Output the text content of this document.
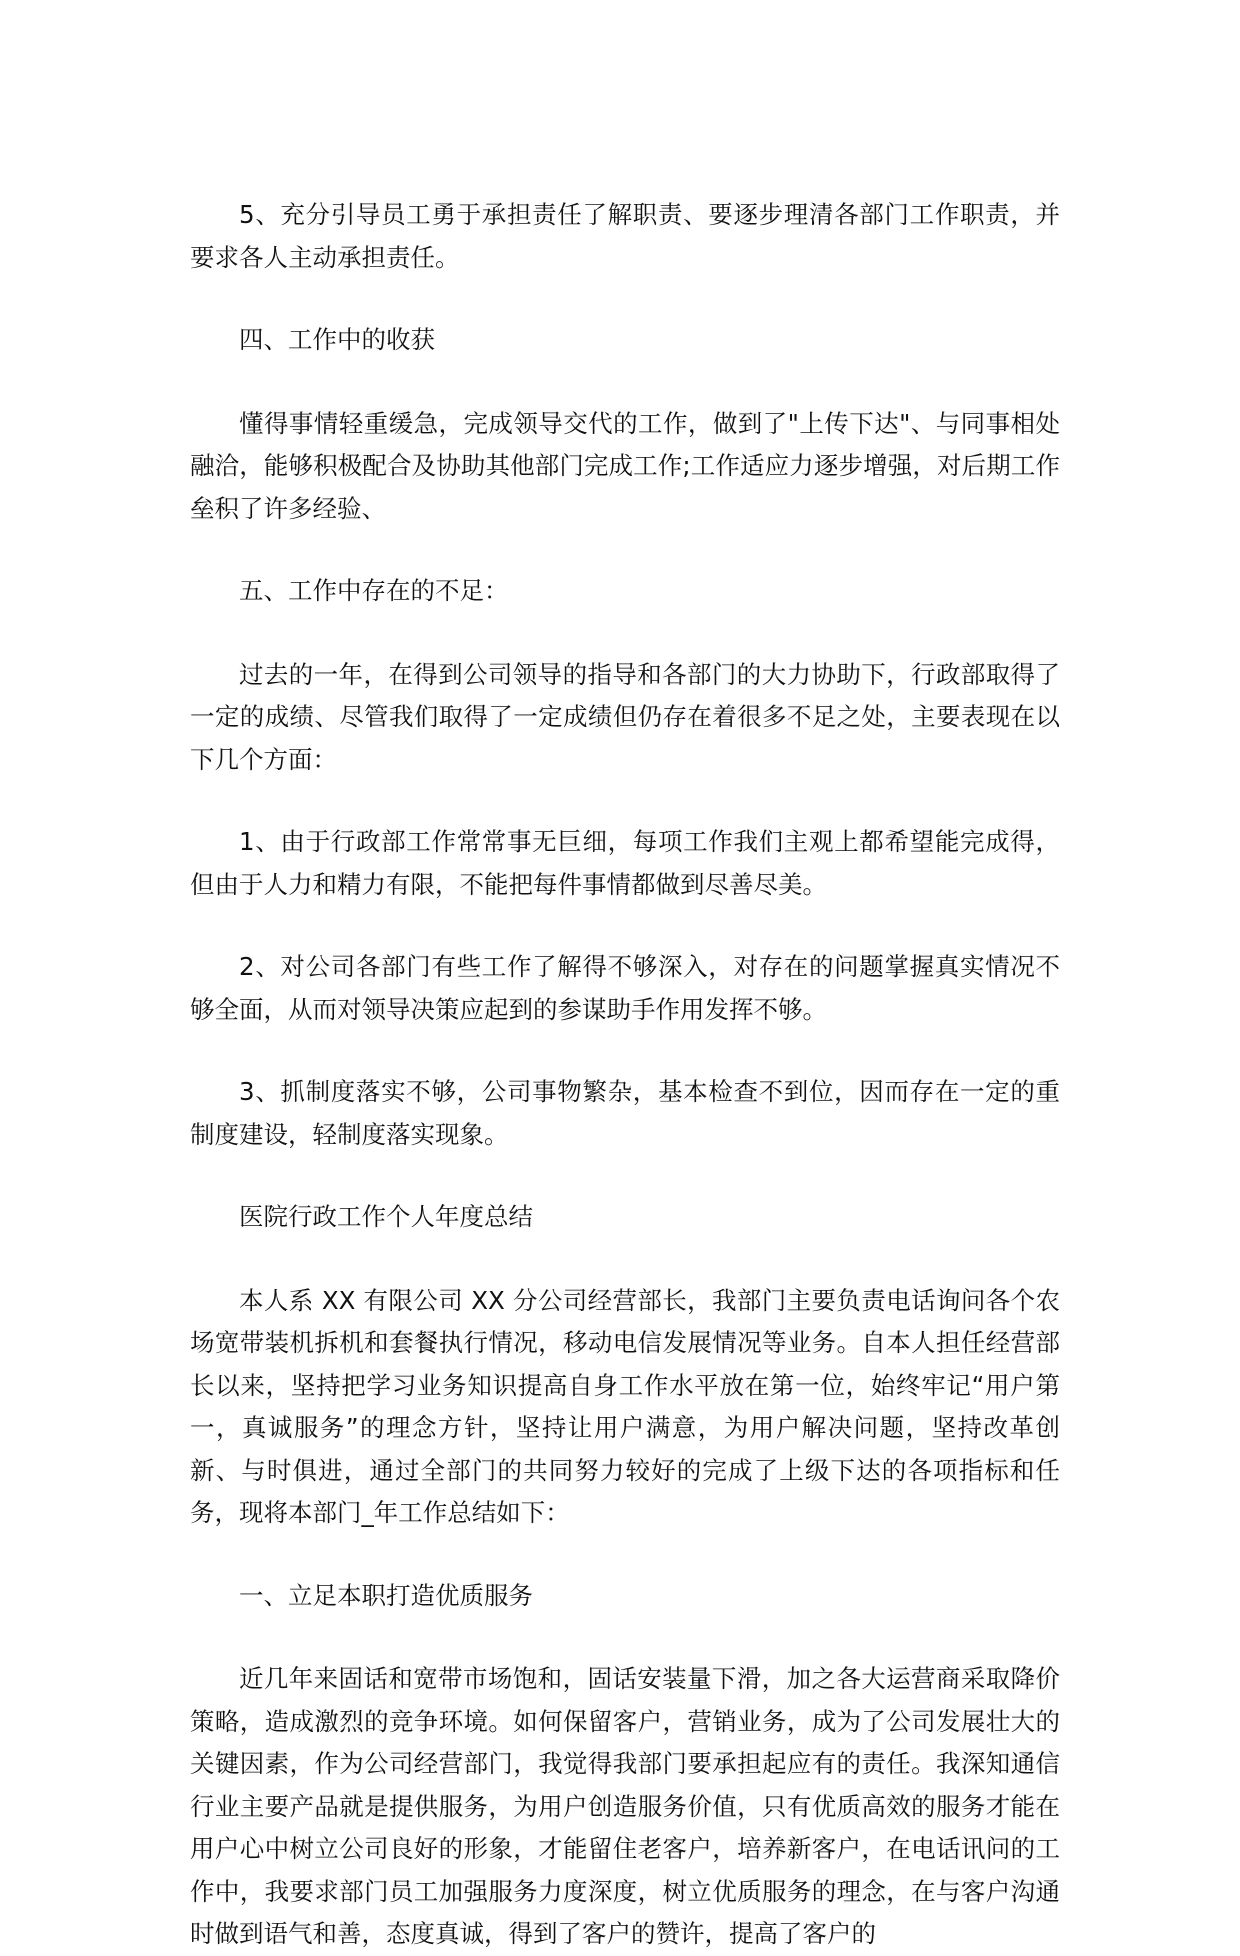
5、充分引导员工勇于承担责任了解职责、要逐步理清各部门工作职责，并要求各人主动承担责任。

四、工作中的收获

懂得事情轻重缓急，完成领导交代的工作，做到了"上传下达"、与同事相处融洽，能够积极配合及协助其他部门完成工作;工作适应力逐步增强，对后期工作垒积了许多经验、

五、工作中存在的不足：

过去的一年，在得到公司领导的指导和各部门的大力协助下，行政部取得了一定的成绩、尽管我们取得了一定成绩但仍存在着很多不足之处，主要表现在以下几个方面：

1、由于行政部工作常常事无巨细，每项工作我们主观上都希望能完成得，但由于人力和精力有限，不能把每件事情都做到尽善尽美。

2、对公司各部门有些工作了解得不够深入，对存在的问题掌握真实情况不够全面，从而对领导决策应起到的参谋助手作用发挥不够。

3、抓制度落实不够，公司事物繁杂，基本检查不到位，因而存在一定的重制度建设，轻制度落实现象。

医院行政工作个人年度总结

本人系 XX 有限公司 XX 分公司经营部长，我部门主要负责电话询问各个农场宽带装机拆机和套餐执行情况，移动电信发展情况等业务。自本人担任经营部长以来，坚持把学习业务知识提高自身工作水平放在第一位，始终牢记“用户第一，真诚服务”的理念方针，坚持让用户满意，为用户解决问题，坚持改革创新、与时俱进，通过全部门的共同努力较好的完成了上级下达的各项指标和任务，现将本部门_年工作总结如下：

一、立足本职打造优质服务

近几年来固话和宽带市场饱和，固话安装量下滑，加之各大运营商采取降价策略，造成激烈的竞争环境。如何保留客户，营销业务，成为了公司发展壮大的关键因素，作为公司经营部门，我觉得我部门要承担起应有的责任。我深知通信行业主要产品就是提供服务，为用户创造服务价值，只有优质高效的服务才能在用户心中树立公司良好的形象，才能留住老客户，培养新客户，在电话讯问的工作中，我要求部门员工加强服务力度深度，树立优质服务的理念，在与客户沟通时做到语气和善，态度真诚，得到了客户的赞许，提高了客户的
